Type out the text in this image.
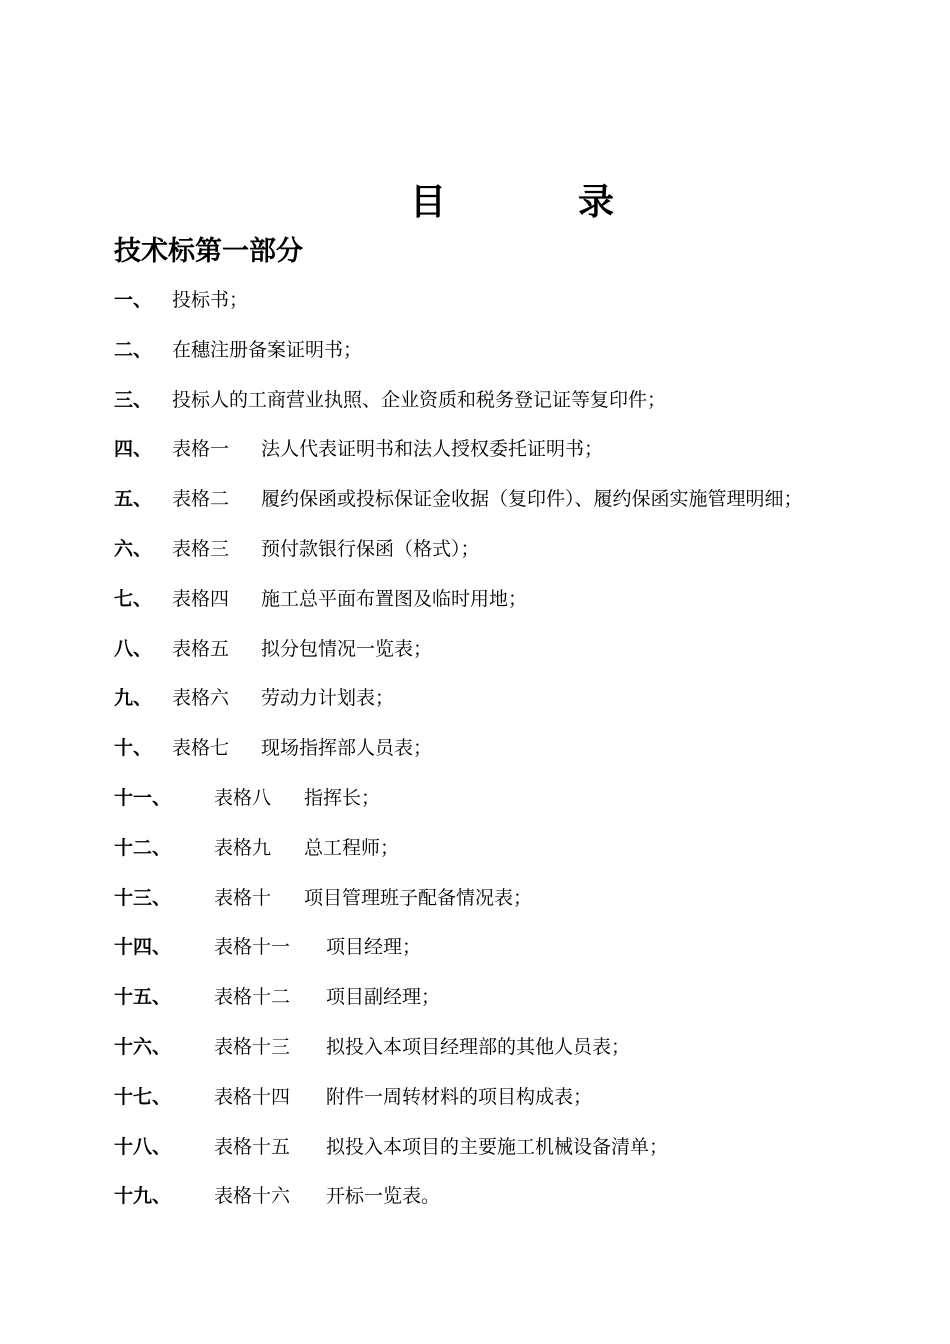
目	录
技术标第一部分
一、 投标书；
二、 在穗注册备案证明书；
三、 投标人的工商营业执照、企业资质和税务登记证等复印件；
四、 表格一 法人代表证明书和法人授权委托证明书；
五、 表格二 履约保函或投标保证金收据（复印件）、履约保函实施管理明细；
六、 表格三 预付款银行保函（格式）；
七、 表格四 施工总平面布置图及临时用地；
八、 表格五 拟分包情况一览表；
九、 表格六 劳动力计划表；
十、 表格七 现场指挥部人员表；
十一、 表格八 指挥长；
十二、 表格九 总工程师；
十三、 表格十 项目管理班子配备情况表；
十四、 表格十一 项目经理；
十五、 表格十二 项目副经理；
十六、 表格十三 拟投入本项目经理部的其他人员表；
十七、 表格十四 附件一周转材料的项目构成表；
十八、 表格十五 拟投入本项目的主要施工机械设备清单；
十九、 表格十六 开标一览表。
